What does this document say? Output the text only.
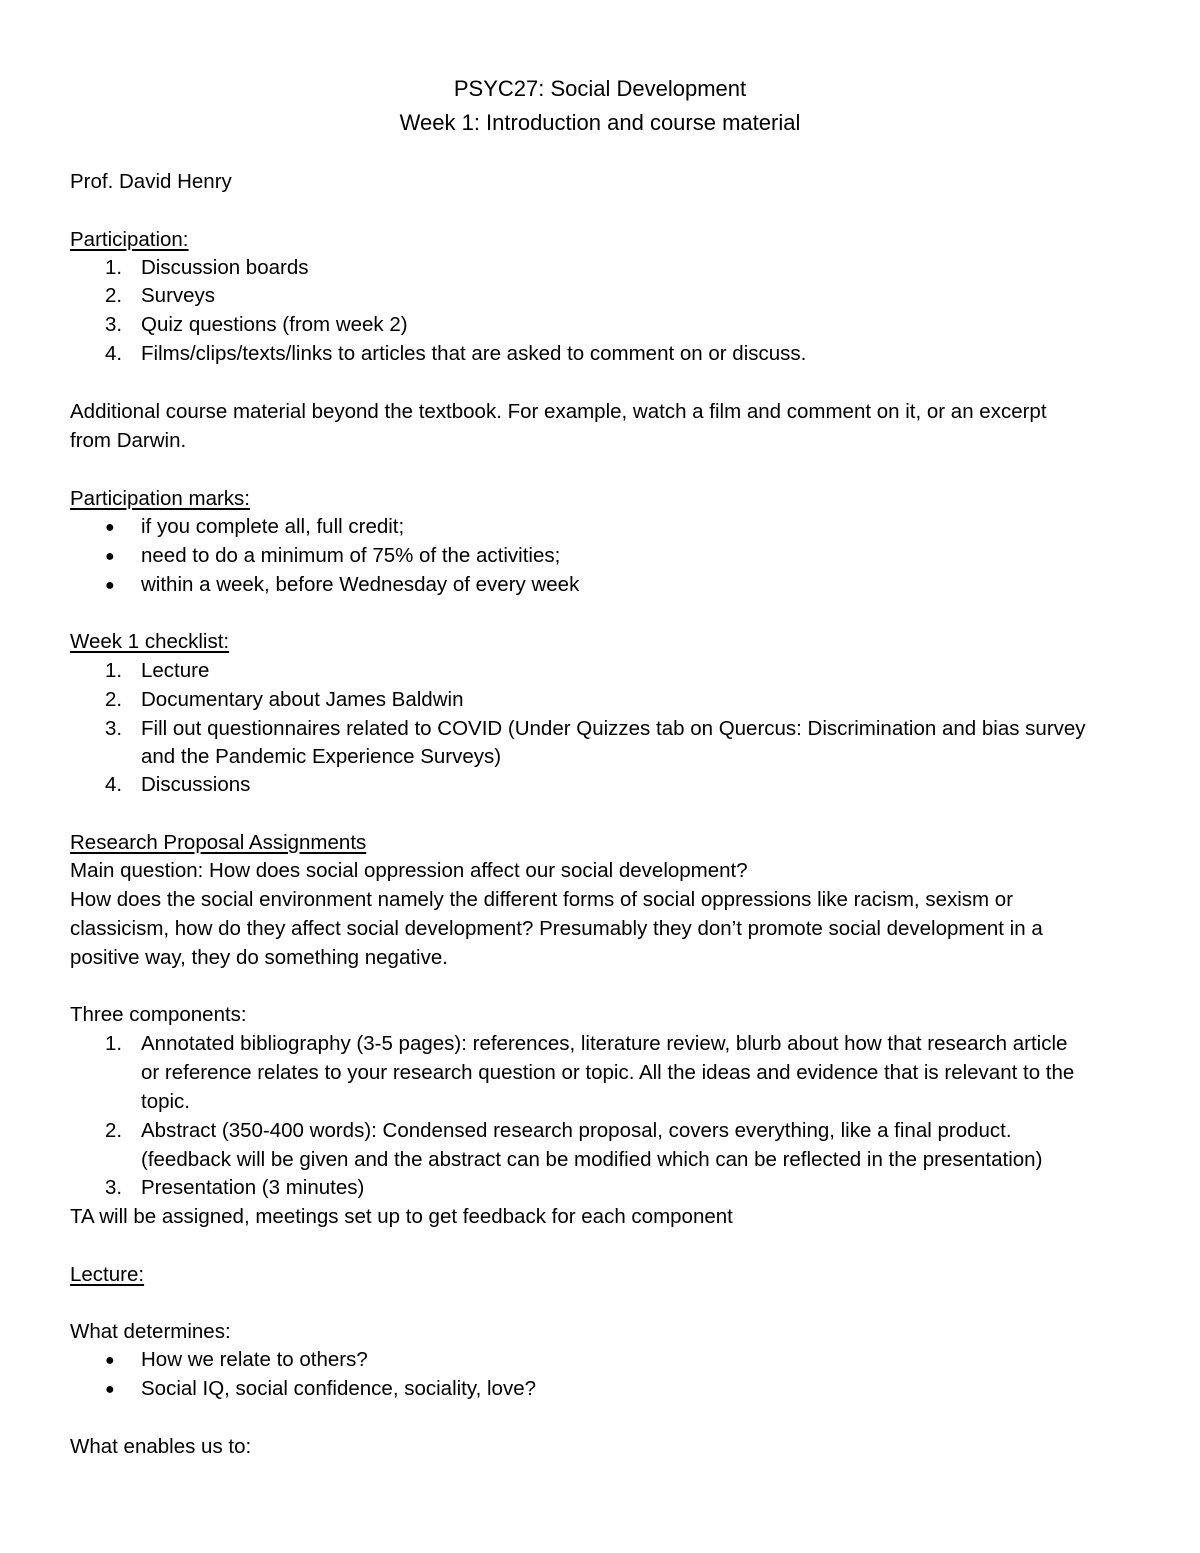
PSYC27: Social Development
Week 1: Introduction and course material
Prof. David Henry
Participation:
1. Discussion boards
2. Surveys
3. Quiz questions (from week 2)
4. Films/clips/texts/links to articles that are asked to comment on or discuss.
Additional course material beyond the textbook. For example, watch a film and comment on it, or an excerpt
from Darwin.
Participation marks:
●	if you complete all, full credit;
●	need to do a minimum of 75% of the activities;
●	within a week, before Wednesday of every week
Week 1 checklist:
1. Lecture
2. Documentary about James Baldwin
3. Fill out questionnaires related to COVID (Under Quizzes tab on Quercus: Discrimination and bias survey
and the Pandemic Experience Surveys)
4. Discussions
Research Proposal Assignments
Main question: How does social oppression affect our social development?
How does the social environment namely the different forms of social oppressions like racism, sexism or
classicism, how do they affect social development? Presumably they don’t promote social development in a
positive way, they do something negative.
Three components:
1. Annotated bibliography (3-5 pages): references, literature review, blurb about how that research article
or reference relates to your research question or topic. All the ideas and evidence that is relevant to the
topic.
2. Abstract (350-400 words): Condensed research proposal, covers everything, like a final product.
(feedback will be given and the abstract can be modified which can be reflected in the presentation)
3. Presentation (3 minutes)
TA will be assigned, meetings set up to get feedback for each component
Lecture:
What determines:
●	How we relate to others?
●	Social IQ, social confidence, sociality, love?
What enables us to:
